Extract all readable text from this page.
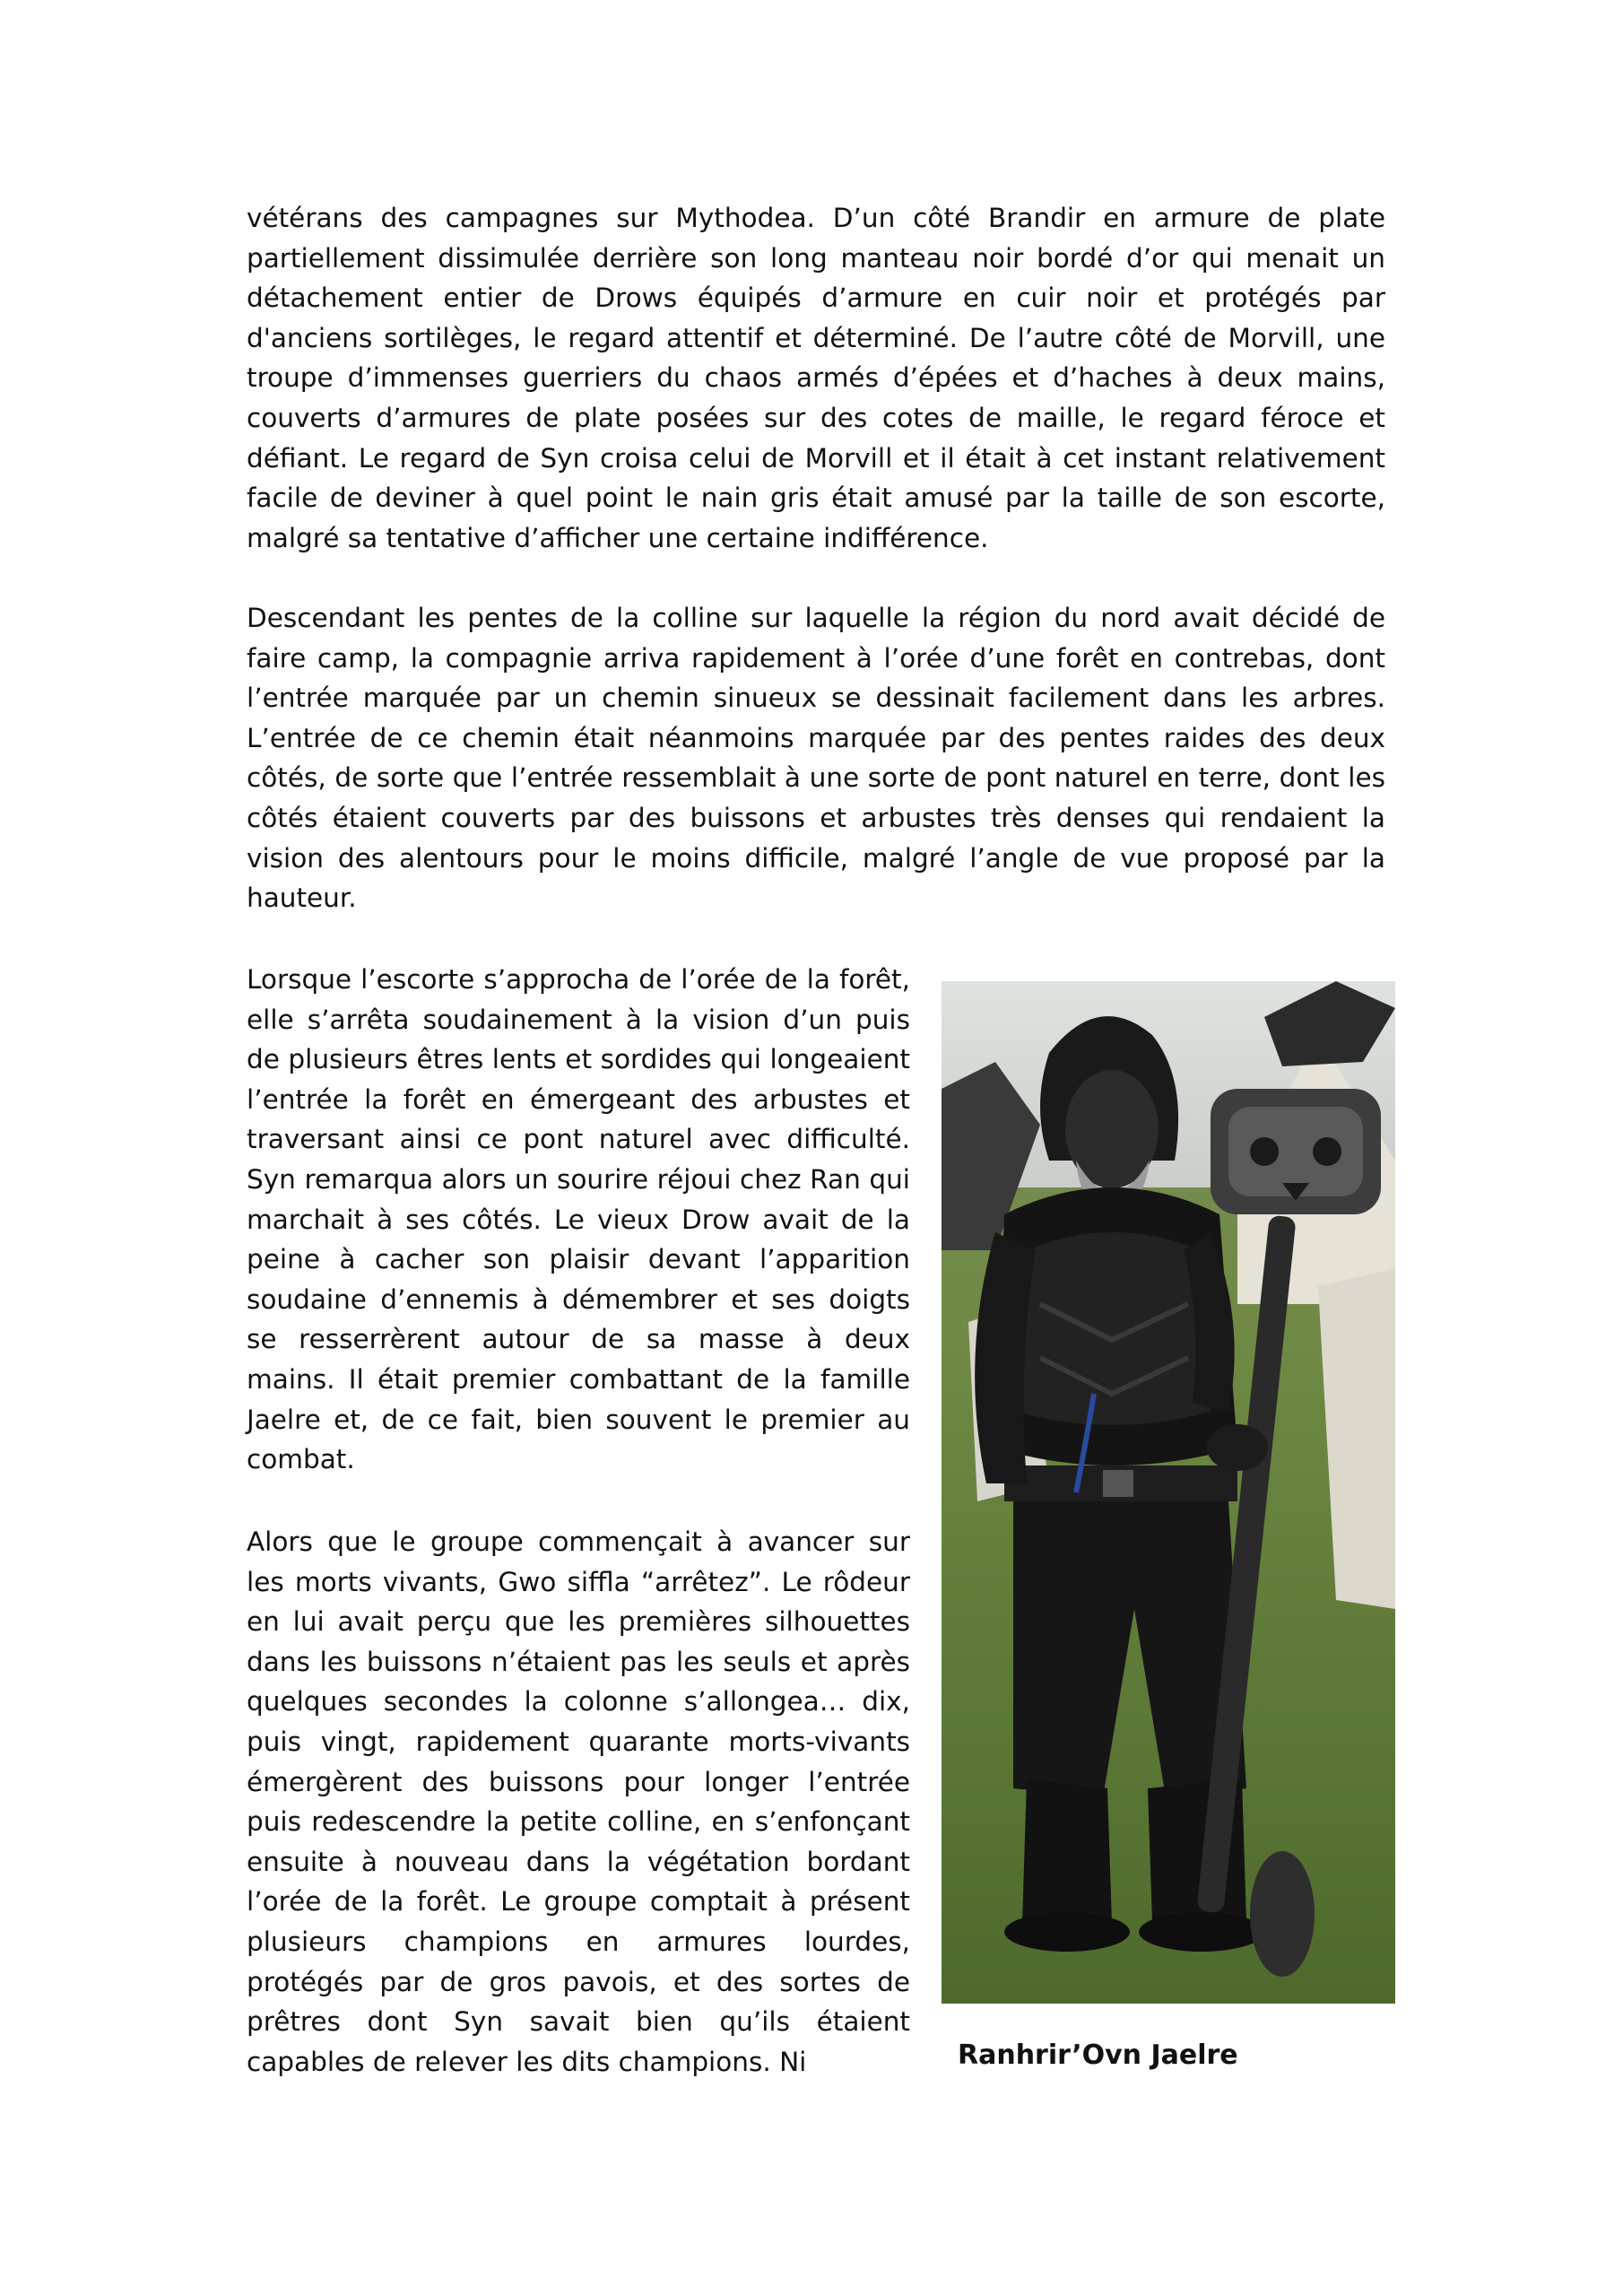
vétérans des campagnes sur Mythodea. D’un côté Brandir en armure de plate partiellement dissimulée derrière son long manteau noir bordé d’or qui menait un détachement entier de Drows équipés d’armure en cuir noir et protégés par d'anciens sortilèges, le regard attentif et déterminé. De l’autre côté de Morvill, une troupe d’immenses guerriers du chaos armés d’épées et d’haches à deux mains, couverts d’armures de plate posées sur des cotes de maille, le regard féroce et défiant. Le regard de Syn croisa celui de Morvill et il était à cet instant relativement facile de deviner à quel point le nain gris était amusé par la taille de son escorte, malgré sa tentative d’afficher une certaine indifférence.

Descendant les pentes de la colline sur laquelle la région du nord avait décidé de faire camp, la compagnie arriva rapidement à l’orée d’une forêt en contrebas, dont l’entrée marquée par un chemin sinueux se dessinait facilement dans les arbres. L’entrée de ce chemin était néanmoins marquée par des pentes raides des deux côtés, de sorte que l’entrée ressemblait à une sorte de pont naturel en terre, dont les côtés étaient couverts par des buissons et arbustes très denses qui rendaient la vision des alentours pour le moins difficile, malgré l’angle de vue proposé par la hauteur.

Lorsque l’escorte s’approcha de l’orée de la forêt, elle s’arrêta soudainement à la vision d’un puis de plusieurs êtres lents et sordides qui longeaient l’entrée la forêt en émergeant des arbustes et traversant ainsi ce pont naturel avec difficulté. Syn remarqua alors un sourire réjoui chez Ran qui marchait à ses côtés. Le vieux Drow avait de la peine à cacher son plaisir devant l’apparition soudaine d’ennemis à démembrer et ses doigts se resserrèrent autour de sa masse à deux mains. Il était premier combattant de la famille Jaelre et, de ce fait, bien souvent le premier au combat.

Alors que le groupe commençait à avancer sur les morts vivants, Gwo siffla “arrêtez”. Le rôdeur en lui avait perçu que les premières silhouettes dans les buissons n’étaient pas les seuls et après quelques secondes la colonne s’allongea… dix, puis vingt, rapidement quarante morts-vivants émergèrent des buissons pour longer l’entrée puis redescendre la petite colline, en s’enfonçant ensuite à nouveau dans la végétation bordant l’orée de la forêt. Le groupe comptait à présent plusieurs champions en armures lourdes, protégés par de gros pavois, et des sortes de prêtres dont Syn savait bien qu’ils étaient capables de relever les dits champions. Ni	Ranhrir’Ovn Jaelre
